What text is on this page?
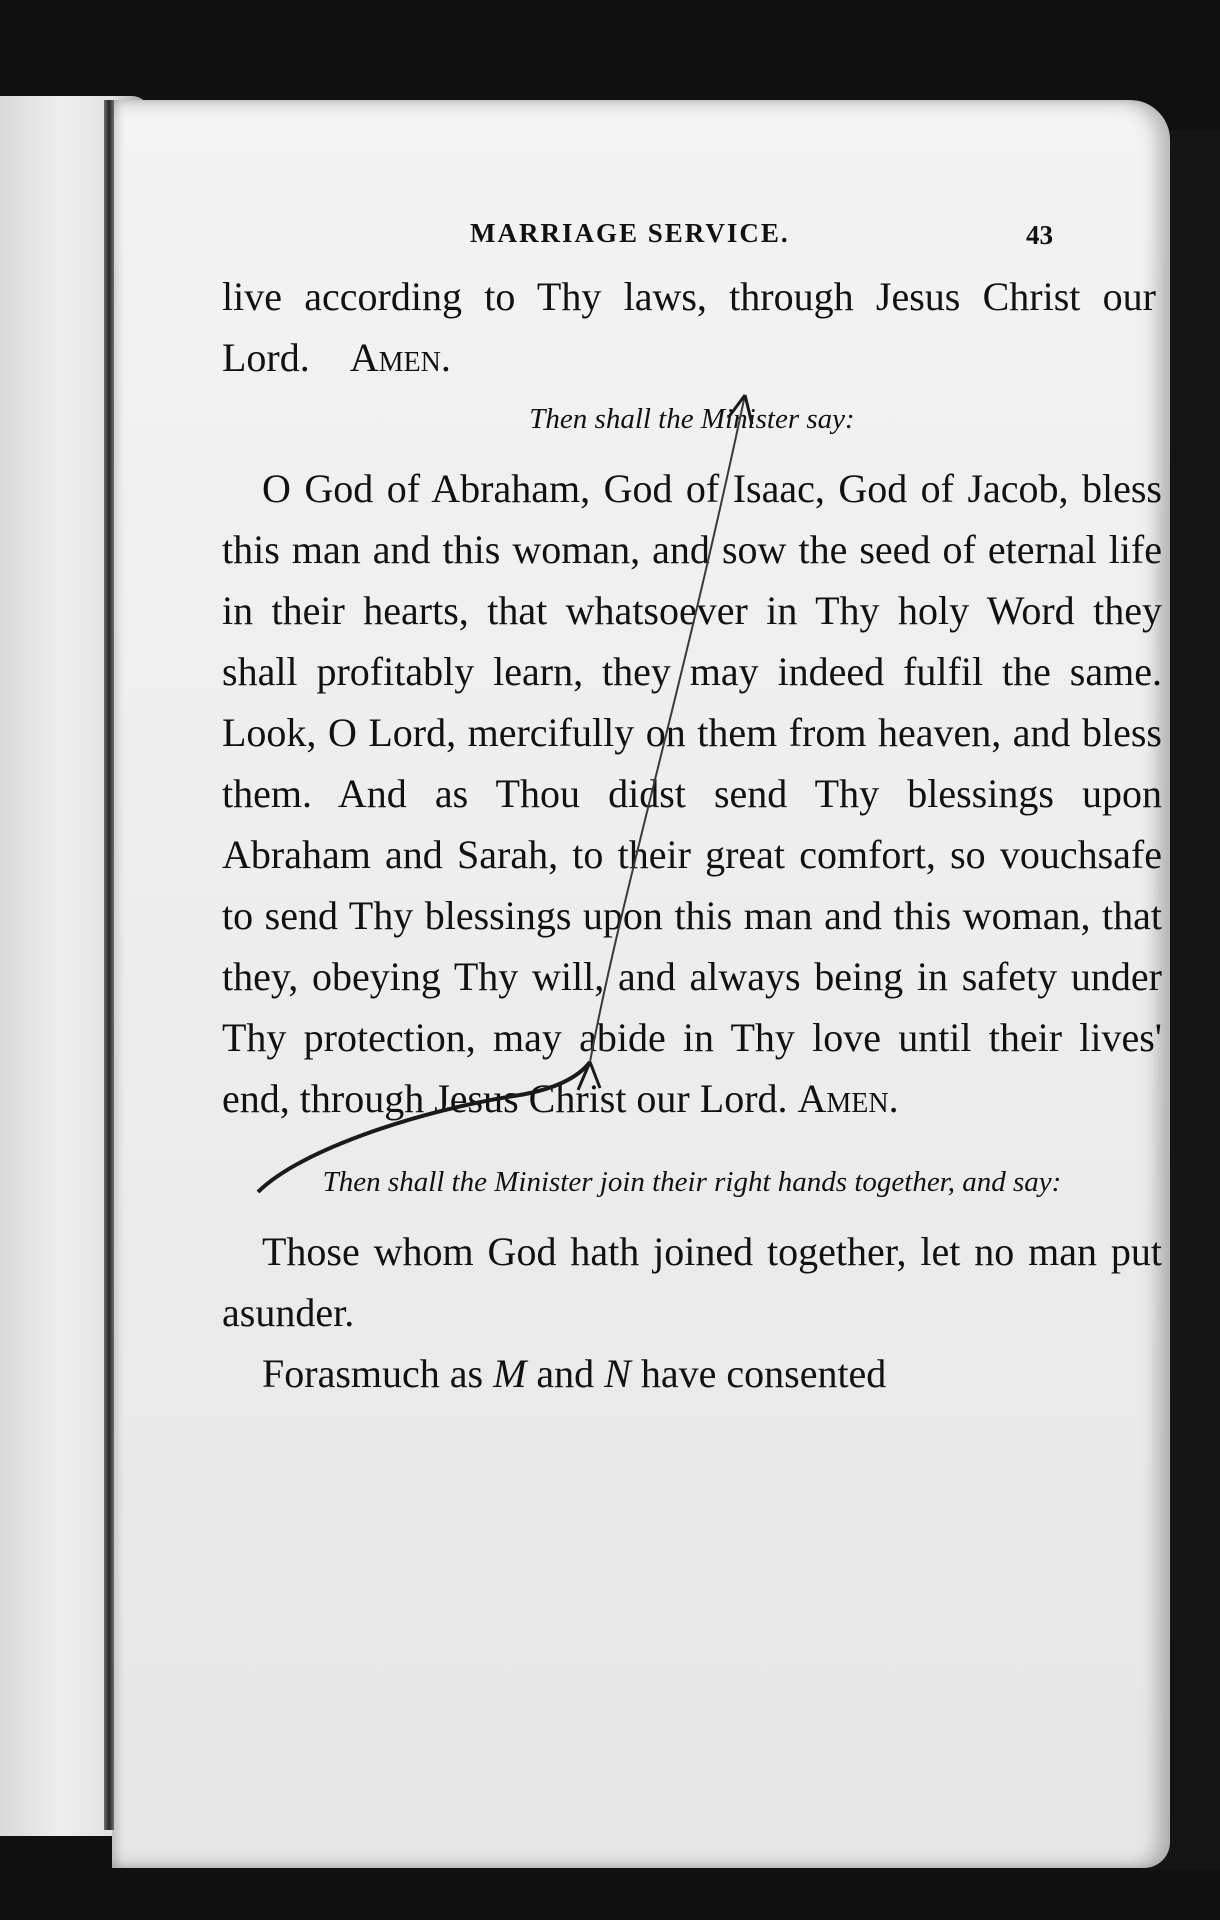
MARRIAGE SERVICE.	43

live according to Thy laws, through Jesus Christ our Lord. Amen.

Then shall the Minister say:

O God of Abraham, God of Isaac, God of Jacob, bless this man and this woman, and sow the seed of eternal life in their hearts, that whatsoever in Thy holy Word they shall profitably learn, they may indeed fulfil the same. Look, O Lord, mercifully on them from heaven, and bless them. And as Thou didst send Thy blessings upon Abraham and Sarah, to their great comfort, so vouchsafe to send Thy blessings upon this man and this woman, that they, obeying Thy will, and always being in safety under Thy protection, may abide in Thy love until their lives' end, through Jesus Christ our Lord. Amen.

Then shall the Minister join their right hands together, and say:

Those whom God hath joined together, let no man put asunder.

Forasmuch as M and N have consented
